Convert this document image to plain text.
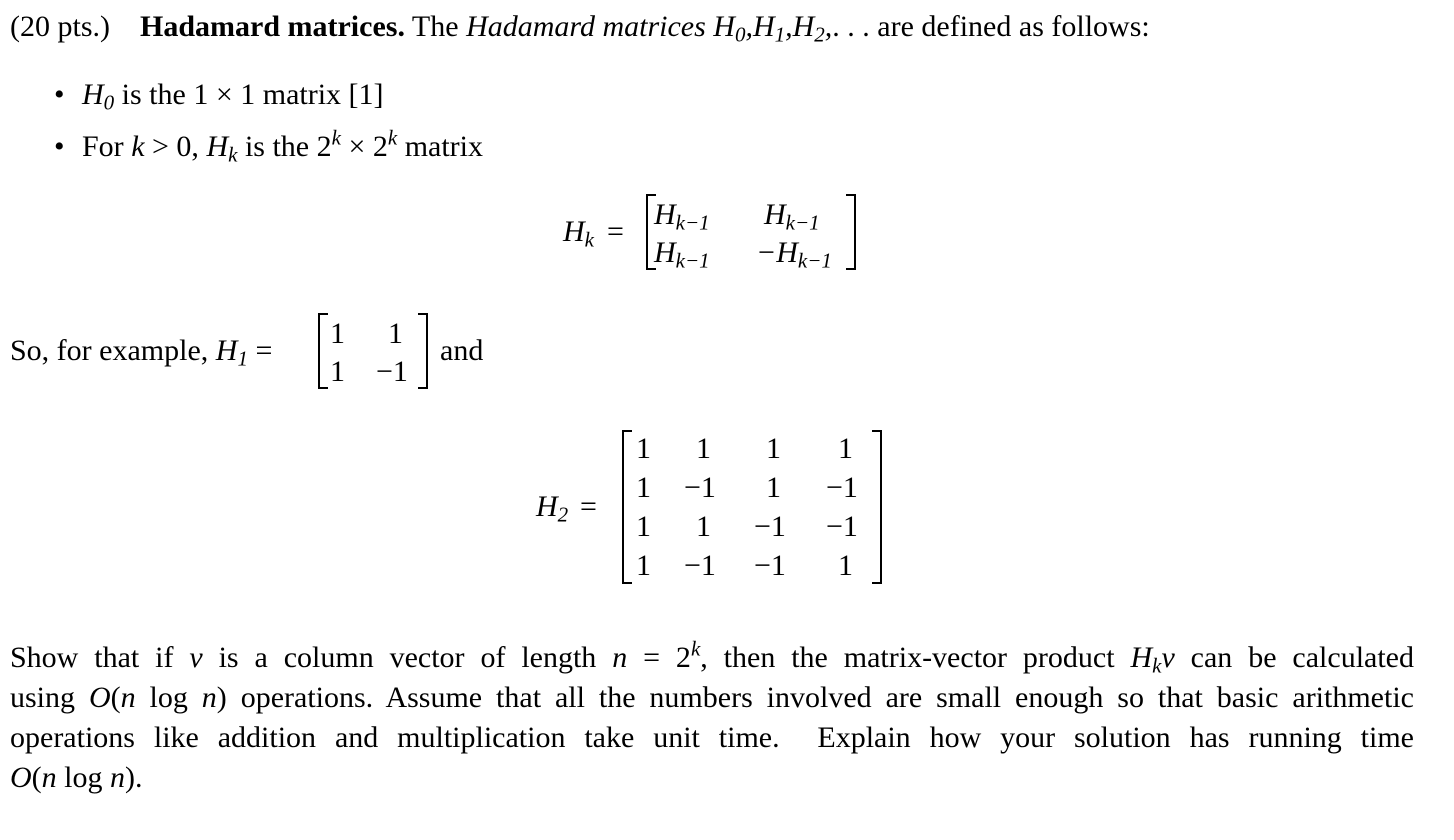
(20 pts.) Hadamard matrices. The Hadamard matrices $H_0,H_1,H_2$,. . . are defined as follows:
• $H_0$ is the 1 × 1 matrix [1]
• For k > 0, $H_k$ is the $2^k \times 2^k$ matrix
$H_k$ =
$H_{k-1}$ $H_{k-1}$
$H_{k-1} -H_{k-1}$
So, for example, $H_1$ =
1 1
1 −1
and
$H_2$ =
1 1 1 1
1 −1 1 −1
1 1 −1 −1
1 −1 −1 1
Show that if v is a column vector of length $n = 2^k$, then the matrix-vector product $H_kv$ can be calculated
using O(n log n) operations. Assume that all the numbers involved are small enough so that basic arithmetic
operations like addition and multiplication take unit time.  Explain how your solution has running time
O(n log n).
